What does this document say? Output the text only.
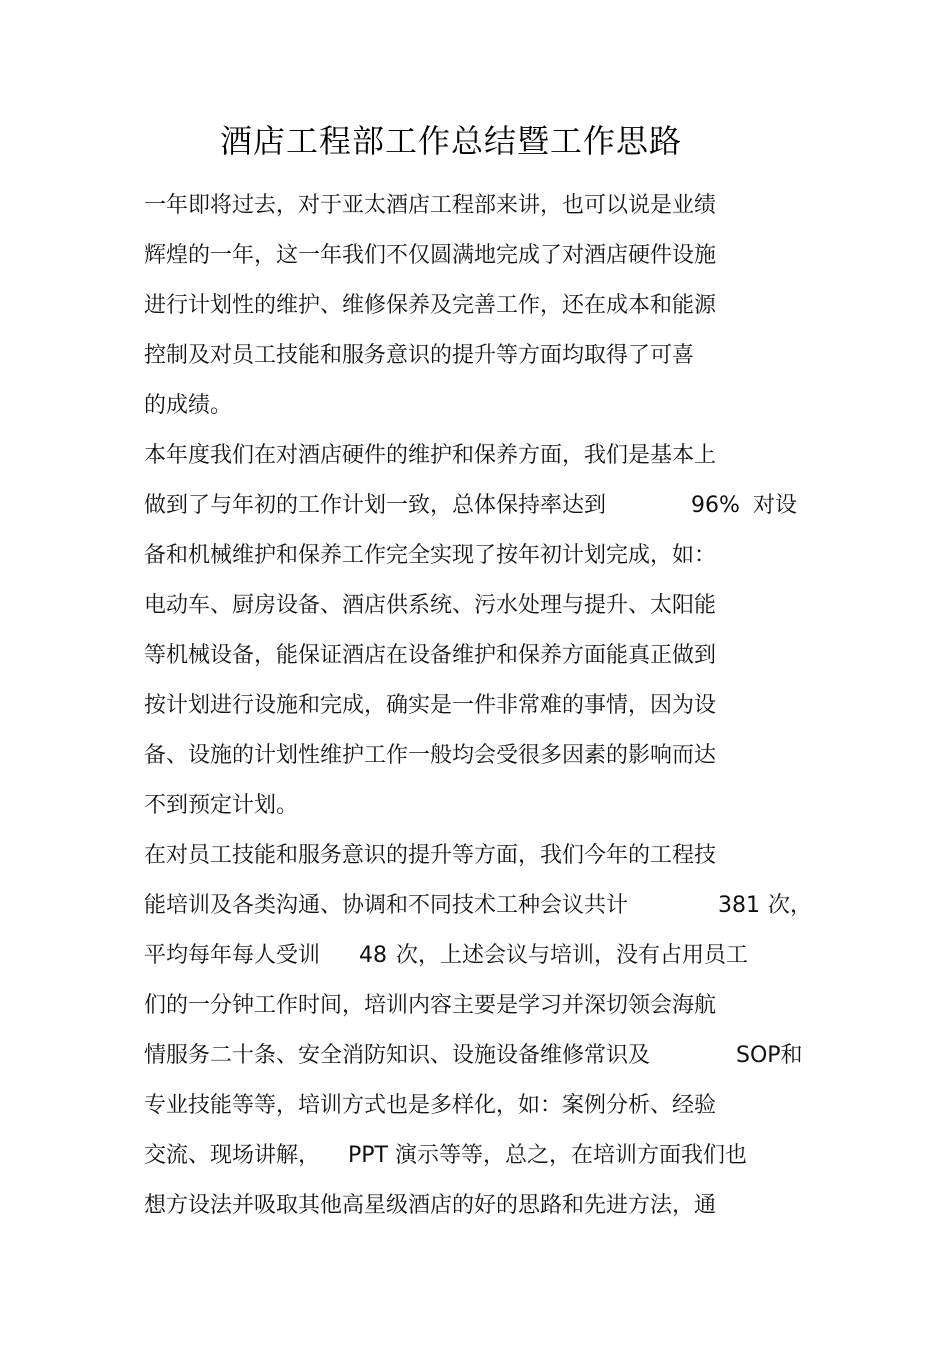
酒店工程部工作总结暨工作思路
一年即将过去，对于亚太酒店工程部来讲，也可以说是业绩
辉煌的一年，这一年我们不仅圆满地完成了对酒店硬件设施
进行计划性的维护、维修保养及完善工作，还在成本和能源
控制及对员工技能和服务意识的提升等方面均取得了可喜
的成绩。
本年度我们在对酒店硬件的维护和保养方面，我们是基本上
做到了与年初的工作计划一致，总体保持率达到	96% 对设
备和机械维护和保养工作完全实现了按年初计划完成，如：
电动车、厨房设备、酒店供系统、污水处理与提升、太阳能
等机械设备，能保证酒店在设备维护和保养方面能真正做到
按计划进行设施和完成，确实是一件非常难的事情，因为设
备、设施的计划性维护工作一般均会受很多因素的影响而达
不到预定计划。
在对员工技能和服务意识的提升等方面，我们今年的工程技
能培训及各类沟通、协调和不同技术工种会议共计	381 次，
平均每年每人受训 48 次，上述会议与培训，没有占用员工
们的一分钟工作时间，培训内容主要是学习并深切领会海航
情服务二十条、安全消防知识、设施设备维修常识及	SOP和
专业技能等等，培训方式也是多样化，如：案例分析、经验
交流、现场讲解， PPT 演示等等，总之，在培训方面我们也
想方设法并吸取其他高星级酒店的好的思路和先进方法，通
